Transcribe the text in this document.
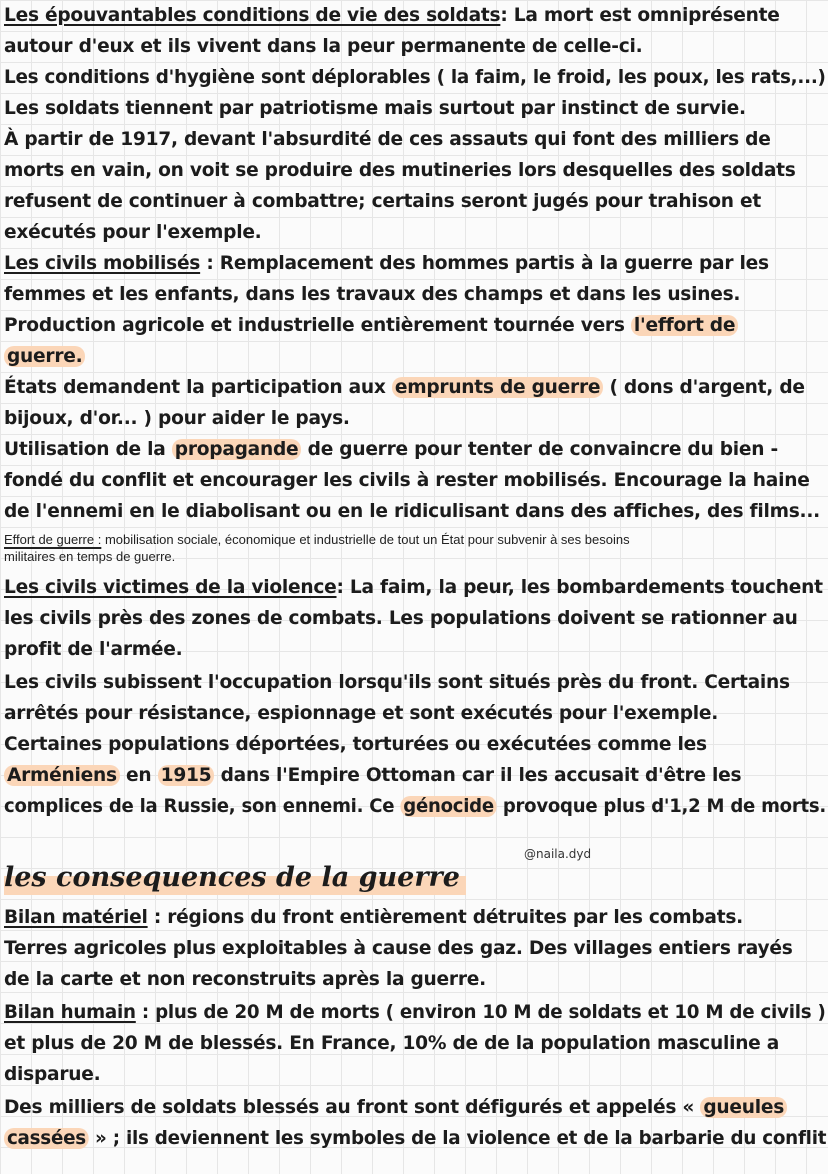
Les épouvantables conditions de vie des soldats: La mort est omniprésente
autour d'eux et ils vivent dans la peur permanente de celle-ci.
Les conditions d'hygiène sont déplorables ( la faim, le froid, les poux, les rats,...)
Les soldats tiennent par patriotisme mais surtout par instinct de survie.
À partir de 1917, devant l'absurdité de ces assauts qui font des milliers de
morts en vain, on voit se produire des mutineries lors desquelles des soldats
refusent de continuer à combattre; certains seront jugés pour trahison et
exécutés pour l'exemple.
Les civils mobilisés : Remplacement des hommes partis à la guerre par les
femmes et les enfants, dans les travaux des champs et dans les usines.
Production agricole et industrielle entièrement tournée vers l'effort de
guerre.
États demandent la participation aux emprunts de guerre ( dons d'argent, de
bijoux, d'or... ) pour aider le pays.
Utilisation de la propagande de guerre pour tenter de convaincre du bien -
fondé du conflit et encourager les civils à rester mobilisés. Encourage la haine
de l'ennemi en le diabolisant ou en le ridiculisant dans des affiches, des films...
Effort de guerre : mobilisation sociale, économique et industrielle de tout un État pour subvenir à ses besoins
militaires en temps de guerre.
Les civils victimes de la violence: La faim, la peur, les bombardements touchent
les civils près des zones de combats. Les populations doivent se rationner au
profit de l'armée.
Les civils subissent l'occupation lorsqu'ils sont situés près du front. Certains
arrêtés pour résistance, espionnage et sont exécutés pour l'exemple.
Certaines populations déportées, torturées ou exécutées comme les
Arméniens en 1915 dans l'Empire Ottoman car il les accusait d'être les
complices de la Russie, son ennemi. Ce génocide provoque plus d'1,2 M de morts.
@naila.dyd
les consequences de la guerre
Bilan matériel : régions du front entièrement détruites par les combats.
Terres agricoles plus exploitables à cause des gaz. Des villages entiers rayés
de la carte et non reconstruits après la guerre.
Bilan humain : plus de 20 M de morts ( environ 10 M de soldats et 10 M de civils )
et plus de 20 M de blessés. En France, 10% de de la population masculine a
disparue.
Des milliers de soldats blessés au front sont défigurés et appelés « gueules
cassées » ; ils deviennent les symboles de la violence et de la barbarie du conflit
